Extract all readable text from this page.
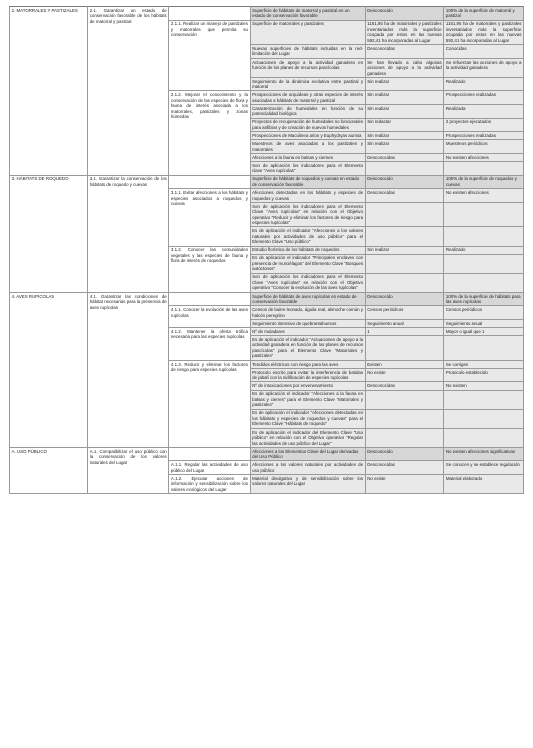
2. MATORRALES Y PASTIZALES	2.1. Garantizar un estado de conservación favorable de los hábitats de matorral y pastizal		Superficie de hábitats de matorral y pastizal en un estado de conservación favorable	Desconocido	100% de la superficie de matorral y pastizal
		2.1.1. Realizar un manejo de pastizales y matorrales que permita su conservación	Superficie de matorrales y pastizales	1161,95 ha de matorrales y pastizales inventariados más la superficie ocupada por estos en las nuevas 592,41 ha incorporadas al Lugar	1161,95 ha de matorrales y pastizales inventariados más la superficie ocupada por estos en las nuevas 592,41 ha incorporadas al Lugar
			Nuevas superficies de hábitats incluidas en la red-limitación del Lugar	Desconocidas	Conocidas
			Actuaciones de apoyo a la actividad ganadera en función de los planes de recursos pascícolas	Se han llevado a cabo algunas acciones de apoyo a la actividad ganadera	Se refuerzan las acciones de apoyo a la actividad ganadera
			Seguimiento de la dinámica evolutiva entre pastizal y matorral	Sin realizar	Realizado
		2.1.2. Mejorar el conocimiento y la conservación de las especies de flora y fauna de interés asociada a los matorrales, pastizales y zonas húmedas	Prospecciones de orquídeas y otras especies de interés asociadas a hábitats de matorral y pastizal	Sin realizar	Prospecciones realizadas
			Caracterización de humedales en función de su potencialidad biológica	Sin realizar	Realizada
			Proyectos de recuperación de humedales no funcionales para anfibios y de creación de nuevos humedales	Sin redactar	2 proyectos ejecutados
			Prospecciones de Maculinea arion y Euphydryas aurinia	Sin realizar	Prospecciones realizadas
			Muestreos de aves asociadas a los pastizales y matorrales	Sin realizar	Muestreos periódicos
			Afecciones a la fauna en balsas y ciernes	Desconocidas	No existen afecciones
			Son de aplicación los indicadores para el Elemento clave "Aves rupícolas"		
3. HÁBITATS DE ROQUEDO	3.1. Garantizar la conservación de los hábitats de roquedo y cuevas		Superficie de hábitats de roquedos y cuevas en estado de conservación favorable	Desconocido	100% de la superficie de roquedos y cuevas
		3.1.1. Evitar afecciones a los hábitats y especies asociados a roquedos y cuevas	Afecciones detectadas en los hábitats y especies de roquedos y cuevas	Desconocidas	No existen afecciones
			Son de aplicación los indicadores para el Elemento Clave "Aves rupícolas" en relación con el Objetivo operativo "Reducir y eliminar los factores de riesgo para especies rupícolas"		
			Es de aplicación el indicador "Afecciones a los valores naturales por actividades de uso público" para el Elemento Clave "Uso público"		
		3.1.2. Conocer las comunidades vegetales y las especies de fauna y flora de interés de roquedos	Estudio florístico de los hábitats de roquedos	Sin realizar	Realizado
			Es de aplicación el indicador "Principales enclaves con presencia de murciélagos" del Elemento Clave "Bosques autóctonos"		
			Son de aplicación los indicadores para el Elemento Clave "Aves rupícolas" en relación con el Objetivo operativo "Conocer la evolución de las aves rupícolas"		
4. AVES RUPÍCOLAS	4.1. Garantizar las condiciones de hábitat necesarias para la presencia de aves rupícolas		Superficie de hábitats de aves rupícolas en estado de conservación favorable	Desconocido	100% de la superficie de hábitats para las aves rupícolas
		4.1.1. Conocer la evolución de las aves rupícolas	Censos de buitre leonado, águila real, alimoche común y halcón peregrino	Censos periódicos	Censos periódicos
			Seguimiento intensivo de quebrantahuesos	Seguimiento anual	Seguimiento anual
		4.1.2. Mantener la oferta trófica necesaria para las especies rupícolas	Nº de muladares	1	Mayor o igual que 1
			Es de aplicación el indicador "Actuaciones de apoyo a la actividad ganadera en función de los planes de recursos pascícolas" para el Elemento Clave "Matorrales y pastizales"		
		4.1.3. Reducir y eliminar los factores de riesgo para especies rupícolas	Tendidos eléctricos con riesgo para las aves	Existen	Se corrigen
			Protocolo escrito para evitar la interferencia de batidas de jabalí con la nidificación de especies rupícolas	No existe	Protocolo establecido
			Nº de intoxicaciones por envenenamiento	Desconocidas	No existen
			Es de aplicación el indicador "Afecciones a la fauna en balsas y cierres" para el Elemento Clave "Matorrales y pastizales"		
			Es de aplicación el indicador "Afecciones detectadas en los hábitats y especies de roquedos y cuevas" para el Elemento Clave "Hábitats de roquedo"		
			Es de aplicación el indicador del Elemento Clave "Uso público" en relación con el Objetivo operativo "Regular las actividades de uso público del Lugar"		
A. USO PÚBLICO	A.1. Compatibilizar el uso público con la conservación de los valores naturales del Lugar		Afecciones a los Elementos Clave del Lugar derivadas del Uso Público	Desconocido	No existen afecciones significativas
		A.1.1. Regular las actividades de uso público del Lugar	Afecciones a los valores naturales por actividades de uso público	Desconocidas	Se conocen y se establece regulación
		A.1.2. Ejecutar acciones de información y sensibilización sobre los valores ecológicos del Lugar	Material divulgativo y de sensibilización sobre los valores naturales del Lugar	No existe	Material elaborado
